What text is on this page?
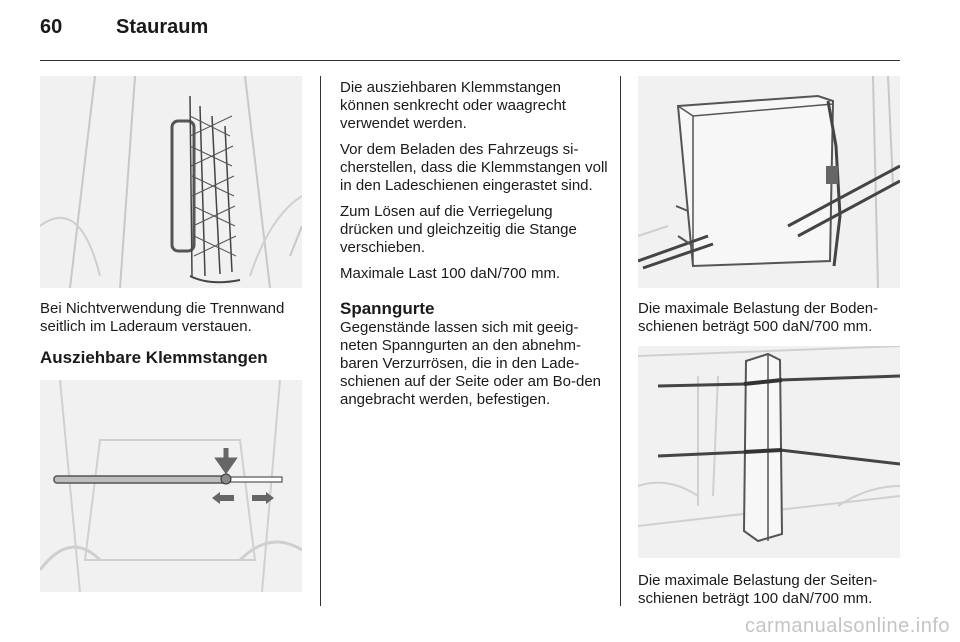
60	Stauraum
Bei Nichtverwendung die Trennwand seitlich im Laderaum verstauen.
Ausziehbare Klemmstangen

Die ausziehbaren Klemmstangen können senkrecht oder waagrecht verwendet werden.

Vor dem Beladen des Fahrzeugs si-cherstellen, dass die Klemmstangen voll in den Ladeschienen eingerastet sind.

Zum Lösen auf die Verriegelung drücken und gleichzeitig die Stange verschieben.

Maximale Last 100 daN/700 mm.

Spanngurte
Gegenstände lassen sich mit geeig-neten Spanngurten an den abnehm-baren Verzurrösen, die in den Lade-schienen auf der Seite oder am Bo-den angebracht werden, befestigen.
Die maximale Belastung der Boden-schienen beträgt 500 daN/700 mm.
Die maximale Belastung der Seiten-schienen beträgt 100 daN/700 mm.
carmanualsonline.info
